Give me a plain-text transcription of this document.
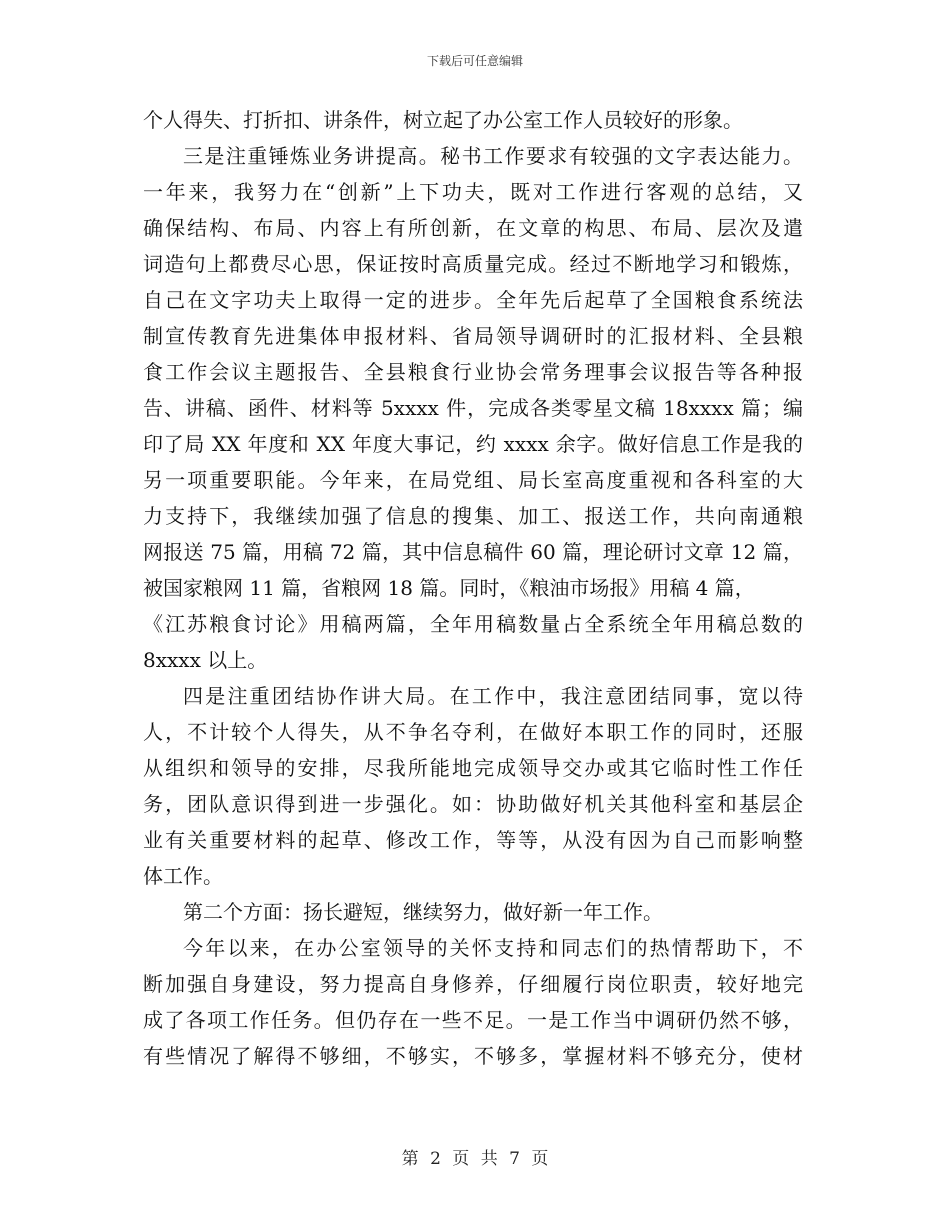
下载后可任意编辑
个人得失、打折扣、讲条件，树立起了办公室工作人员较好的形象。
三是注重锤炼业务讲提高。秘书工作要求有较强的文字表达能力。
一年来，我努力在“创新”上下功夫，既对工作进行客观的总结，又
确保结构、布局、内容上有所创新，在文章的构思、布局、层次及遣
词造句上都费尽心思，保证按时高质量完成。经过不断地学习和锻炼，
自己在文字功夫上取得一定的进步。全年先后起草了全国粮食系统法
制宣传教育先进集体申报材料、省局领导调研时的汇报材料、全县粮
食工作会议主题报告、全县粮食行业协会常务理事会议报告等各种报
告、讲稿、函件、材料等 5xxxx 件，完成各类零星文稿 18xxxx 篇；编
印了局 XX 年度和 XX 年度大事记，约 xxxx 余字。做好信息工作是我的
另一项重要职能。今年来，在局党组、局长室高度重视和各科室的大
力支持下，我继续加强了信息的搜集、加工、报送工作，共向南通粮
网报送 75 篇，用稿 72 篇，其中信息稿件 60 篇，理论研讨文章 12 篇，
被国家粮网 11 篇，省粮网 18 篇。同时，《粮油市场报》用稿 4 篇，
《江苏粮食讨论》用稿两篇，全年用稿数量占全系统全年用稿总数的
8xxxx 以上。
四是注重团结协作讲大局。在工作中，我注意团结同事，宽以待
人，不计较个人得失，从不争名夺利，在做好本职工作的同时，还服
从组织和领导的安排，尽我所能地完成领导交办或其它临时性工作任
务，团队意识得到进一步强化。如：协助做好机关其他科室和基层企
业有关重要材料的起草、修改工作，等等，从没有因为自己而影响整
体工作。
第二个方面：扬长避短，继续努力，做好新一年工作。
今年以来，在办公室领导的关怀支持和同志们的热情帮助下，不
断加强自身建设，努力提高自身修养，仔细履行岗位职责，较好地完
成了各项工作任务。但仍存在一些不足。一是工作当中调研仍然不够，
有些情况了解得不够细，不够实，不够多，掌握材料不够充分，使材
第 2 页 共 7 页
